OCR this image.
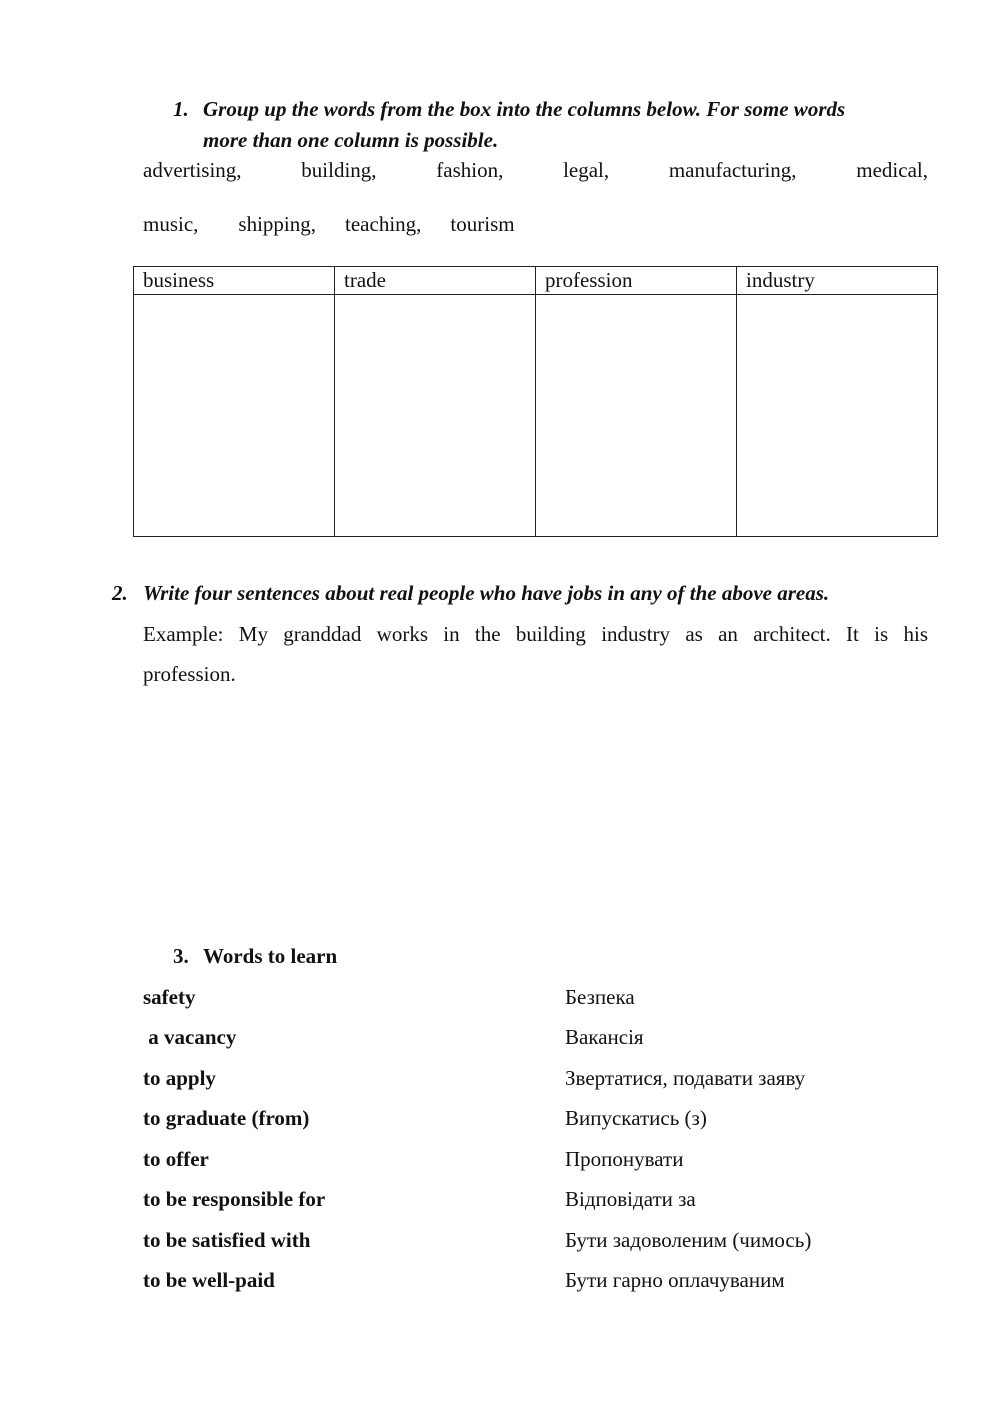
1. Group up the words from the box into the columns below. For some words
more than one column is possible.
advertising,	building,	fashion,	legal,	manufacturing,	medical,
music, shipping, teaching, tourism
business	trade	profession	industry

2. Write four sentences about real people who have jobs in any of the above areas.
Example: My granddad works in the building industry as an architect. It is his
profession.
3. Words to learn
safety	Безпека
a vacancy	Вакансія
to apply	Звертатися, подавати заяву
to graduate (from)	Випускатись (з)
to offer	Пропонувати
to be responsible for	Відповідати за
to be satisfied with	Бути задоволеним (чимось)
to be well-paid	Бути гарно оплачуваним
